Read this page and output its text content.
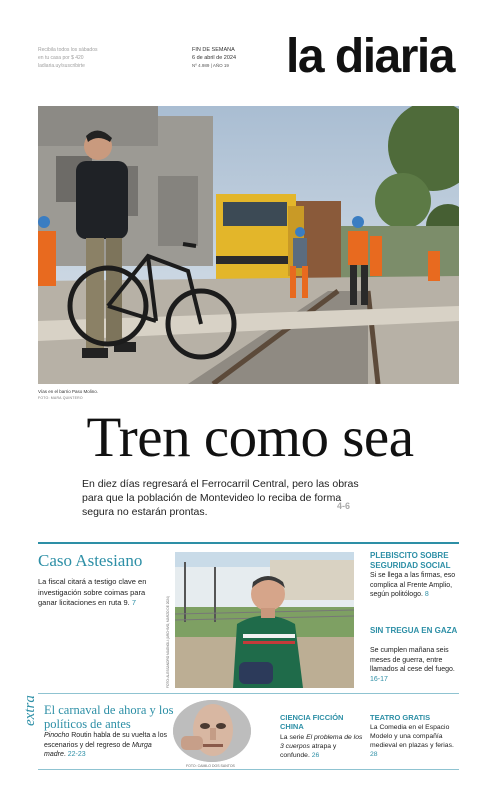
Recibila todos los sábados
en tu casa por $ 420
ladiaria.uy/suscribirte
FIN DE SEMANA
6 de abril de 2024
Nº 4.989 | AÑO 19	la diaria
Vías en el barrio Paso Molino.
FOTO: MARA QUINTERO
Tren como sea
En diez días regresará el Ferrocarril Central, pero las obras para que la población de Montevideo lo reciba de forma segura no estarán prontas.	4-6
Caso Astesiano
La fiscal citará a testigo clave en investigación sobre coimas para ganar licitaciones en ruta 9. 7	FOTO: ALESSANDRO MAGNOLI (ARCHIVO, MARZO DE 2024)
PLEBISCITO SOBRE SEGURIDAD SOCIAL
Si se llega a las firmas, eso complica al Frente Amplio, según politólogo. 8
SIN TREGUA EN GAZA
Se cumplen mañana seis meses de guerra, entre llamados al cese del fuego. 16-17
extra El carnaval de ahora y los políticos de antes
Pinocho Routin habla de su vuelta a los escenarios y del regreso de Murga madre. 22-23
FOTO: CAMILO DOS SANTOS
CIENCIA FICCIÓN CHINA
La serie El problema de los 3 cuerpos atrapa y confunde. 26
TEATRO GRATIS
La Comedia en el Espacio Modelo y una compañía medieval en plazas y ferias. 28
